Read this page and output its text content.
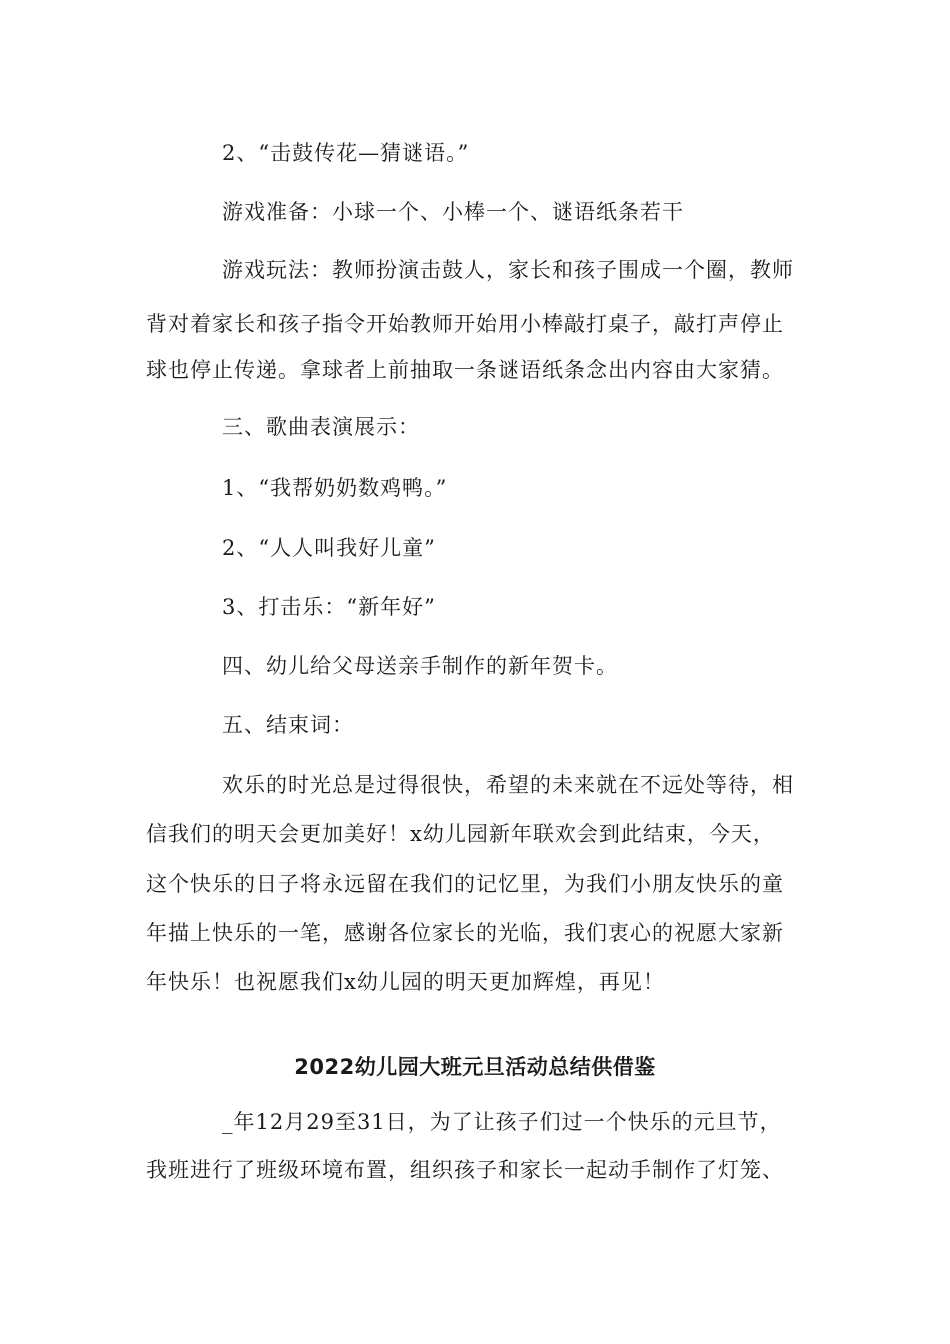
2、“击鼓传花—猜谜语。”
游戏准备：小球一个、小棒一个、谜语纸条若干
游戏玩法：教师扮演击鼓人，家长和孩子围成一个圈，教师
背对着家长和孩子指令开始教师开始用小棒敲打桌子，敲打声停止
球也停止传递。拿球者上前抽取一条谜语纸条念出内容由大家猜。
三、歌曲表演展示：
1、“我帮奶奶数鸡鸭。”
2、“人人叫我好儿童”
3、打击乐：“新年好”
四、幼儿给父母送亲手制作的新年贺卡。
五、结束词：
欢乐的时光总是过得很快，希望的未来就在不远处等待，相
信我们的明天会更加美好！x幼儿园新年联欢会到此结束，今天，
这个快乐的日子将永远留在我们的记忆里，为我们小朋友快乐的童
年描上快乐的一笔，感谢各位家长的光临，我们衷心的祝愿大家新
年快乐！也祝愿我们x幼儿园的明天更加辉煌，再见！
2022幼儿园大班元旦活动总结供借鉴
_年12月29至31日，为了让孩子们过一个快乐的元旦节，
我班进行了班级环境布置，组织孩子和家长一起动手制作了灯笼、
